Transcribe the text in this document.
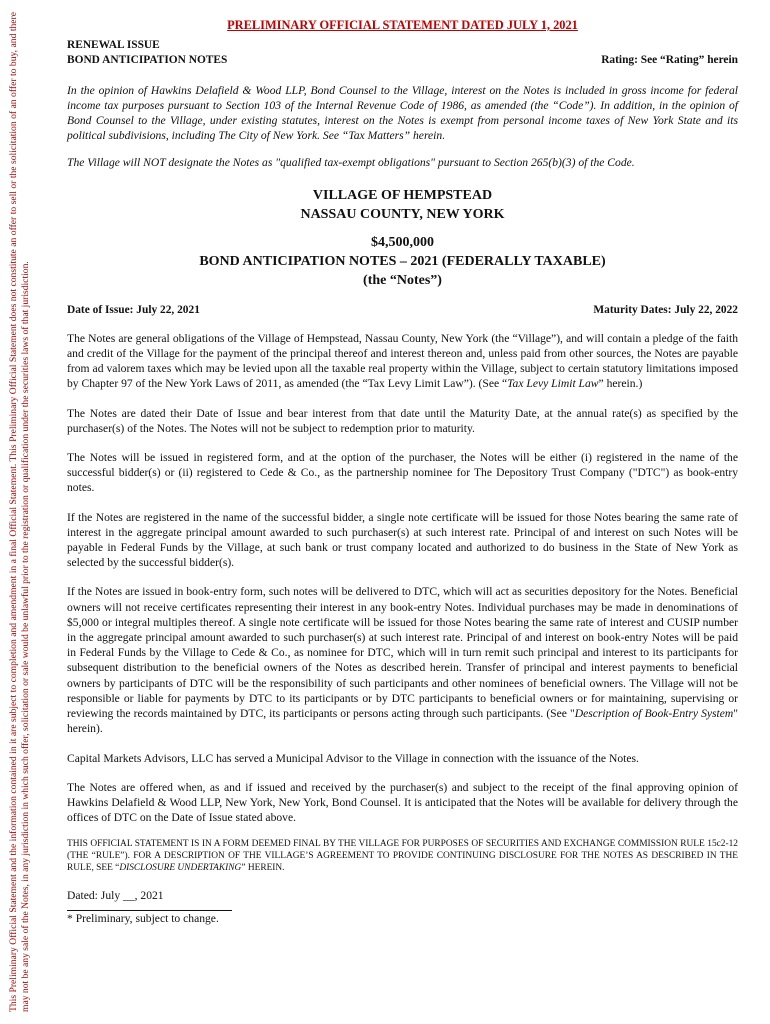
This Preliminary Official Statement and the information contained in it are subject to completion and amendment in a final Official Statement. This Preliminary Official Statement does not constitute an offer to sell or the solicitation of an offer to buy, and there may not be any sale of the Notes, in any jurisdiction in which such offer, solicitation or sale would be unlawful prior to the registration or qualification under the securities laws of that jurisdiction.
PRELIMINARY OFFICIAL STATEMENT DATED JULY 1, 2021
RENEWAL ISSUE
BOND ANTICIPATION NOTES	Rating: See “Rating” herein

In the opinion of Hawkins Delafield & Wood LLP, Bond Counsel to the Village, interest on the Notes is included in gross income for federal income tax purposes pursuant to Section 103 of the Internal Revenue Code of 1986, as amended (the “Code”). In addition, in the opinion of Bond Counsel to the Village, under existing statutes, interest on the Notes is exempt from personal income taxes of New York State and its political subdivisions, including The City of New York. See “Tax Matters” herein.

The Village will NOT designate the Notes as "qualified tax-exempt obligations" pursuant to Section 265(b)(3) of the Code.

VILLAGE OF HEMPSTEAD
NASSAU COUNTY, NEW YORK
$4,500,000
BOND ANTICIPATION NOTES – 2021 (FEDERALLY TAXABLE)
(the “Notes”)
Date of Issue: July 22, 2021	Maturity Dates: July 22, 2022

The Notes are general obligations of the Village of Hempstead, Nassau County, New York (the “Village”), and will contain a pledge of the faith and credit of the Village for the payment of the principal thereof and interest thereon and, unless paid from other sources, the Notes are payable from ad valorem taxes which may be levied upon all the taxable real property within the Village, subject to certain statutory limitations imposed by Chapter 97 of the New York Laws of 2011, as amended (the “Tax Levy Limit Law”). (See “Tax Levy Limit Law” herein.)

The Notes are dated their Date of Issue and bear interest from that date until the Maturity Date, at the annual rate(s) as specified by the purchaser(s) of the Notes. The Notes will not be subject to redemption prior to maturity.

The Notes will be issued in registered form, and at the option of the purchaser, the Notes will be either (i) registered in the name of the successful bidder(s) or (ii) registered to Cede & Co., as the partnership nominee for The Depository Trust Company ("DTC") as book-entry notes.

If the Notes are registered in the name of the successful bidder, a single note certificate will be issued for those Notes bearing the same rate of interest in the aggregate principal amount awarded to such purchaser(s) at such interest rate. Principal of and interest on such Notes will be payable in Federal Funds by the Village, at such bank or trust company located and authorized to do business in the State of New York as selected by the successful bidder(s).

If the Notes are issued in book-entry form, such notes will be delivered to DTC, which will act as securities depository for the Notes. Beneficial owners will not receive certificates representing their interest in any book-entry Notes. Individual purchases may be made in denominations of $5,000 or integral multiples thereof. A single note certificate will be issued for those Notes bearing the same rate of interest and CUSIP number in the aggregate principal amount awarded to such purchaser(s) at such interest rate. Principal of and interest on book-entry Notes will be paid in Federal Funds by the Village to Cede & Co., as nominee for DTC, which will in turn remit such principal and interest to its participants for subsequent distribution to the beneficial owners of the Notes as described herein. Transfer of principal and interest payments to beneficial owners by participants of DTC will be the responsibility of such participants and other nominees of beneficial owners. The Village will not be responsible or liable for payments by DTC to its participants or by DTC participants to beneficial owners or for maintaining, supervising or reviewing the records maintained by DTC, its participants or persons acting through such participants. (See "Description of Book-Entry System" herein).

Capital Markets Advisors, LLC has served a Municipal Advisor to the Village in connection with the issuance of the Notes.

The Notes are offered when, as and if issued and received by the purchaser(s) and subject to the receipt of the final approving opinion of Hawkins Delafield & Wood LLP, New York, New York, Bond Counsel. It is anticipated that the Notes will be available for delivery through the offices of DTC on the Date of Issue stated above.

THIS OFFICIAL STATEMENT IS IN A FORM DEEMED FINAL BY THE VILLAGE FOR PURPOSES OF SECURITIES AND EXCHANGE COMMISSION RULE 15c2-12 (THE “RULE”). FOR A DESCRIPTION OF THE VILLAGE’S AGREEMENT TO PROVIDE CONTINUING DISCLOSURE FOR THE NOTES AS DESCRIBED IN THE RULE, SEE “DISCLOSURE UNDERTAKING” HEREIN.

Dated: July __, 2021
* Preliminary, subject to change.
